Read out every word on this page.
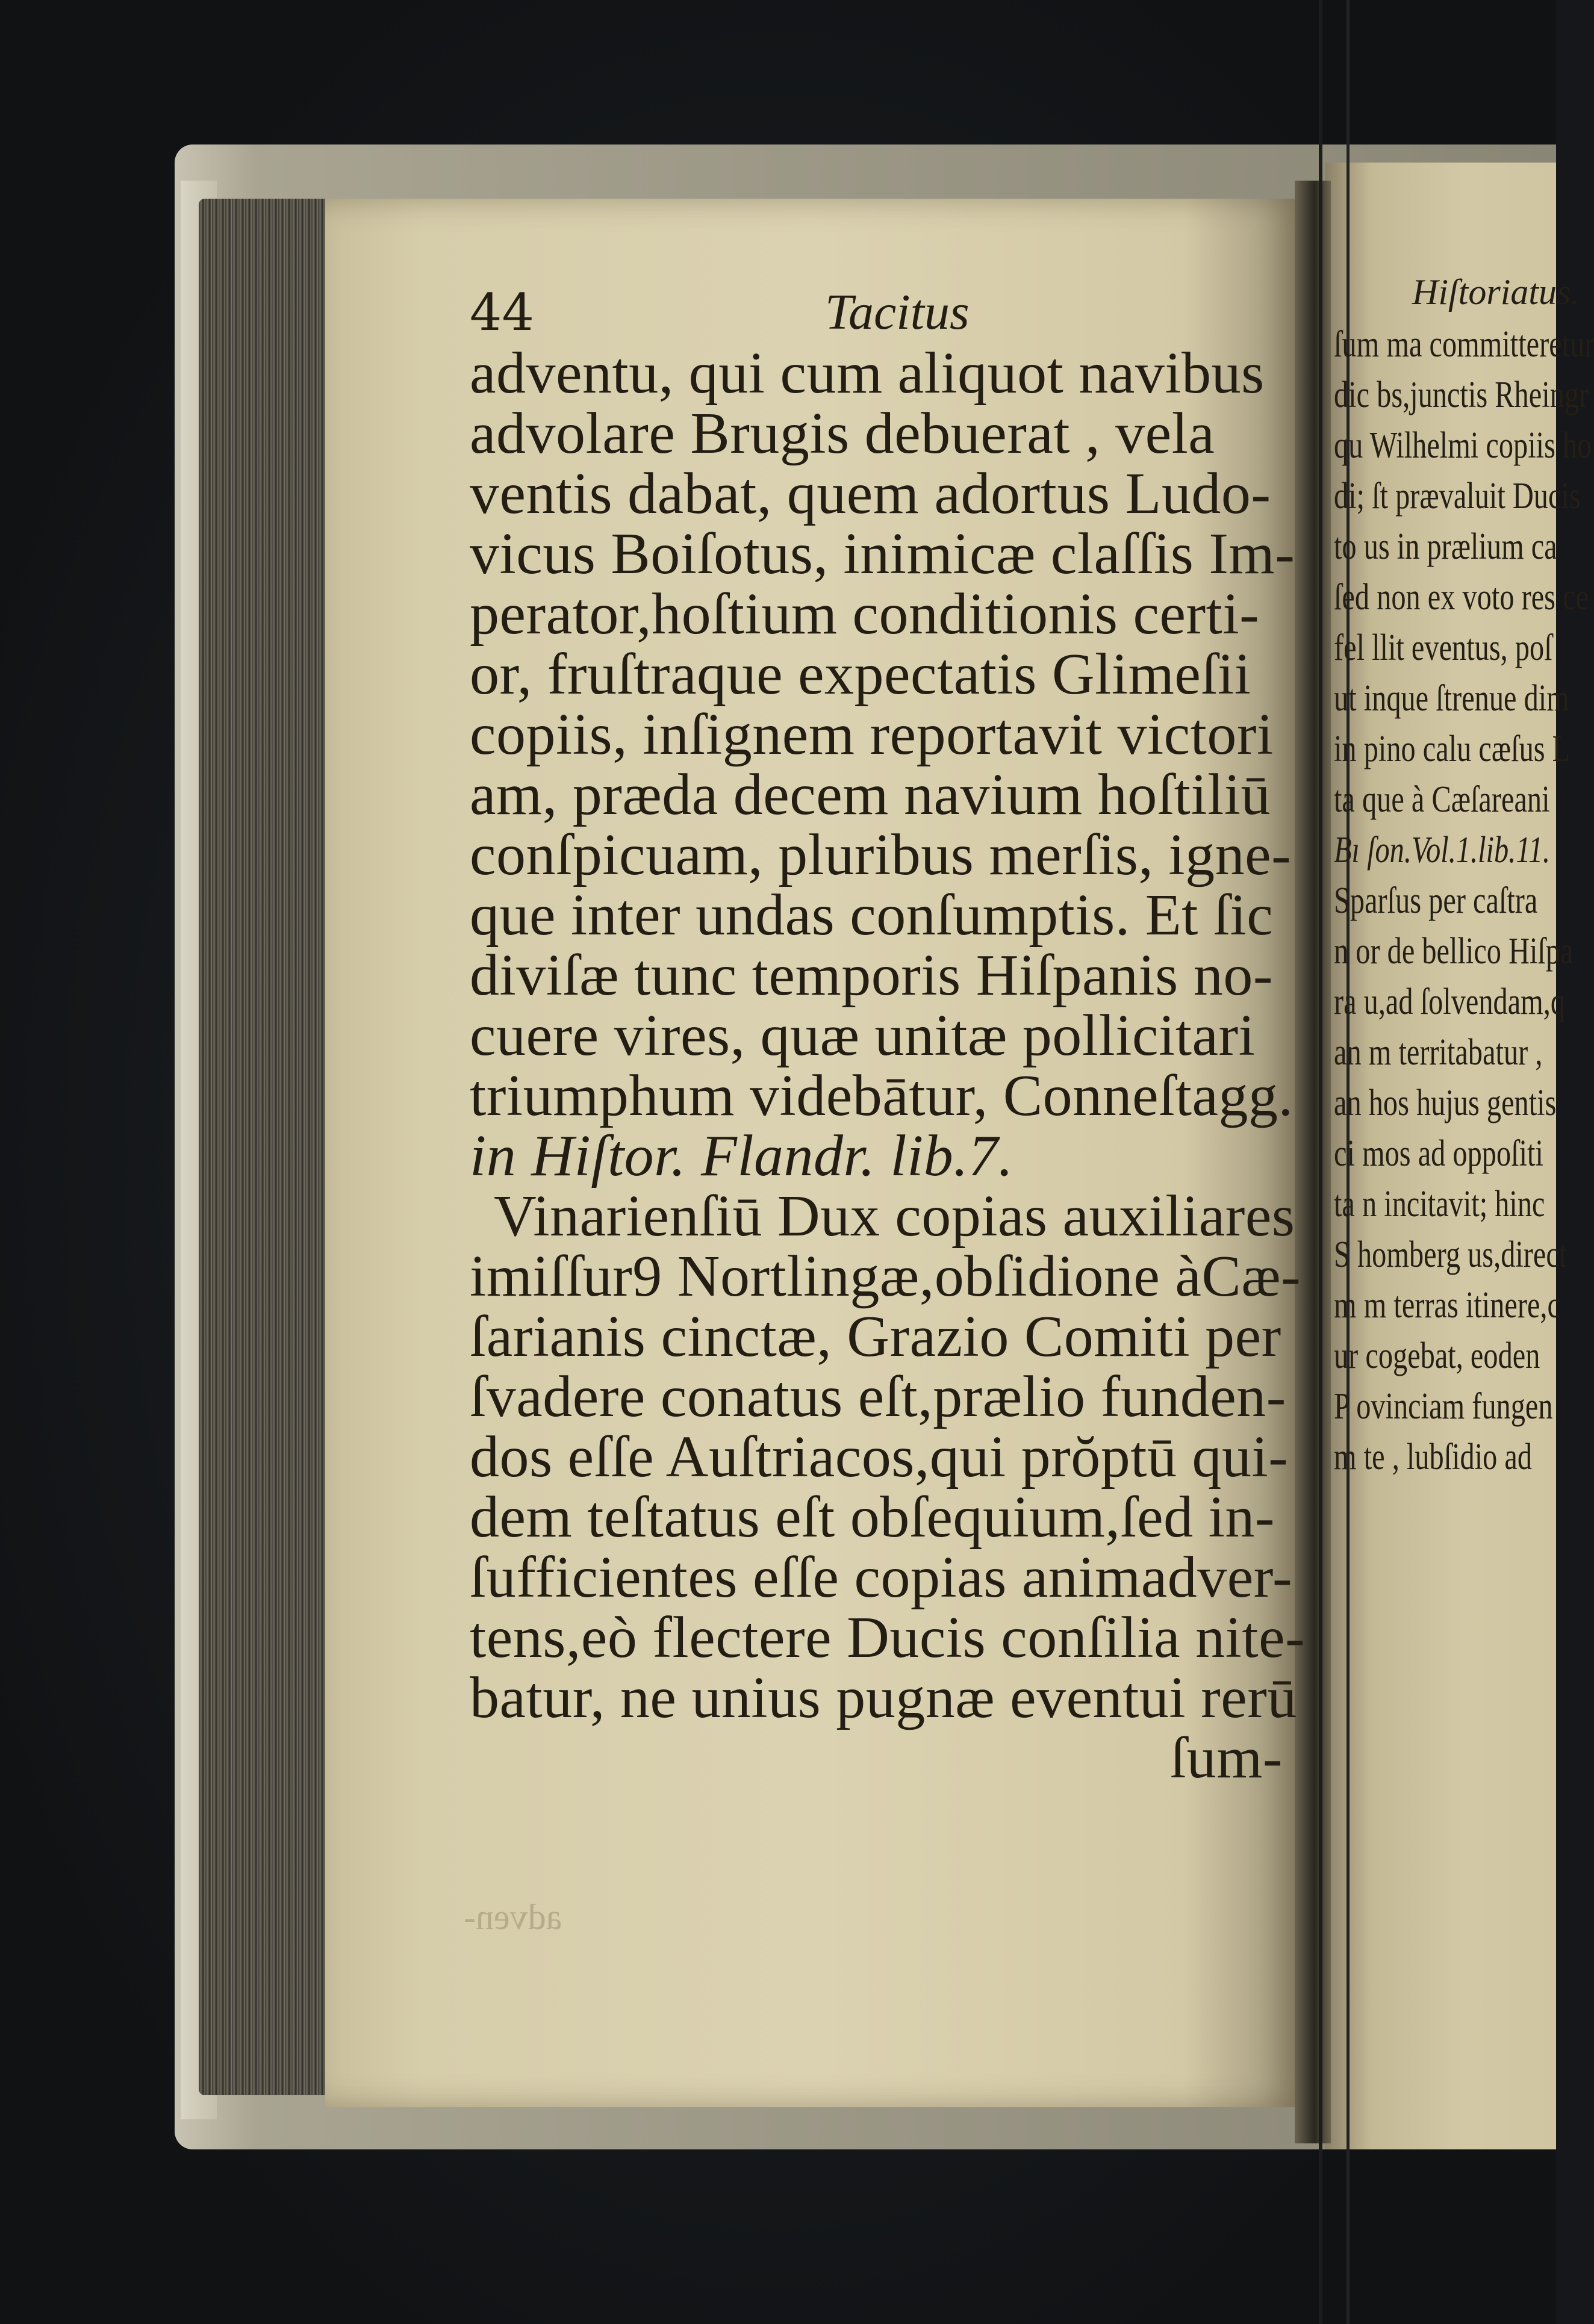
44	Tacitus
adventu, qui cum aliquot navibus
advolare Brugis debuerat , vela
ventis dabat, quem adortus Ludo-
vicus Boiſotus, inimicæ claſſis Im-
perator,hoſtium conditionis certi-
or, fruſtraque expectatis Glimeſii
copiis, inſignem reportavit victori
am, præda decem navium hoſtiliū
conſpicuam, pluribus merſis, igne-
que inter undas conſumptis. Et ſic
diviſæ tunc temporis Hiſpanis no-
cuere vires, quæ unitæ pollicitari
triumphum videbātur, Conneſtagg.
in Hiſtor. Flandr. lib.7.
Vinarienſiū Dux copias auxiliares
imiſſur9 Nortlingæ,obſidione àCæ-
ſarianis cinctæ, Grazio Comiti per
ſvadere conatus eſt,prælio funden-
dos eſſe Auſtriacos,qui prŏptū qui-
dem teſtatus eſt obſequium,ſed in-
ſufficientes eſſe copias animadver-
tens,eò flectere Ducis conſilia nite-
batur, ne unius pugnæ eventui rerū
ſum-
adven-
Hiſtoriatus.
ſum ma committeretur
dic bs,junctis Rheingr
qu Wilhelmi copiis ho
di; ſt prævaluit Ducis
to us in prælium ca
ſed non ex voto res ce
fel llit eventus, poſ
ut inque ſtrenue dim
in pino calu cæſus L
ta que à Cæſareani
Bı ſon.Vol.1.lib.11.
Sparſus per caſtra
n or de bellico Hiſpa
ra u,ad ſolvendam,q
an m territabatur ,
an hos hujus gentis
ci mos ad oppoſiti
ta n incitavit; hinc
S homberg us,direct
m m terras itinere,c
ur cogebat, eoden
P ovinciam fungen
m te , lubſidio ad
